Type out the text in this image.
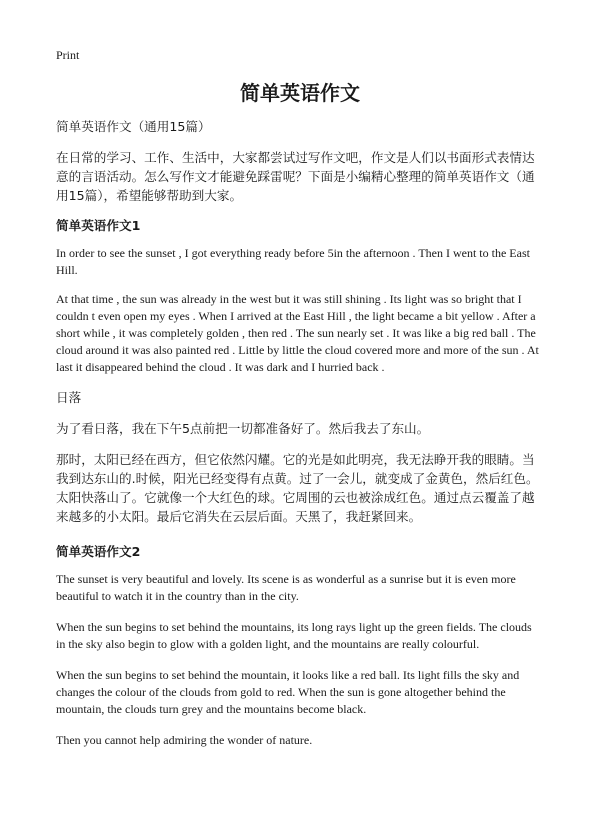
Print
简单英语作文

简单英语作文（通用15篇）

在日常的学习、工作、生活中，大家都尝试过写作文吧，作文是人们以书面形式表情达意的言语活动。怎么写作文才能避免踩雷呢？下面是小编精心整理的简单英语作文（通用15篇），希望能够帮助到大家。

简单英语作文1

In order to see the sunset , I got everything ready before 5in the afternoon . Then I went to the East Hill.

At that time , the sun was already in the west but it was still shining . Its light was so bright that I couldn t even open my eyes . When I arrived at the East Hill , the light became a bit yellow . After a short while , it was completely golden , then red . The sun nearly set . It was like a big red ball . The cloud around it was also painted red . Little by little the cloud covered more and more of the sun . At last it disappeared behind the cloud . It was dark and I hurried back .

日落

为了看日落，我在下午5点前把一切都准备好了。然后我去了东山。

那时，太阳已经在西方，但它依然闪耀。它的光是如此明亮，我无法睁开我的眼睛。当我到达东山的.时候，阳光已经变得有点黄。过了一会儿，就变成了金黄色，然后红色。太阳快落山了。它就像一个大红色的球。它周围的云也被涂成红色。通过点云覆盖了越来越多的小太阳。最后它消失在云层后面。天黑了，我赶紧回来。

简单英语作文2

The sunset is very beautiful and lovely. Its scene is as wonderful as a sunrise but it is even more beautiful to watch it in the country than in the city.

When the sun begins to set behind the mountains, its long rays light up the green fields. The clouds in the sky also begin to glow with a golden light, and the mountains are really colourful.

When the sun begins to set behind the mountain, it looks like a red ball. Its light fills the sky and changes the colour of the clouds from gold to red. When the sun is gone altogether behind the mountain, the clouds turn grey and the mountains become black.

Then you cannot help admiring the wonder of nature.
